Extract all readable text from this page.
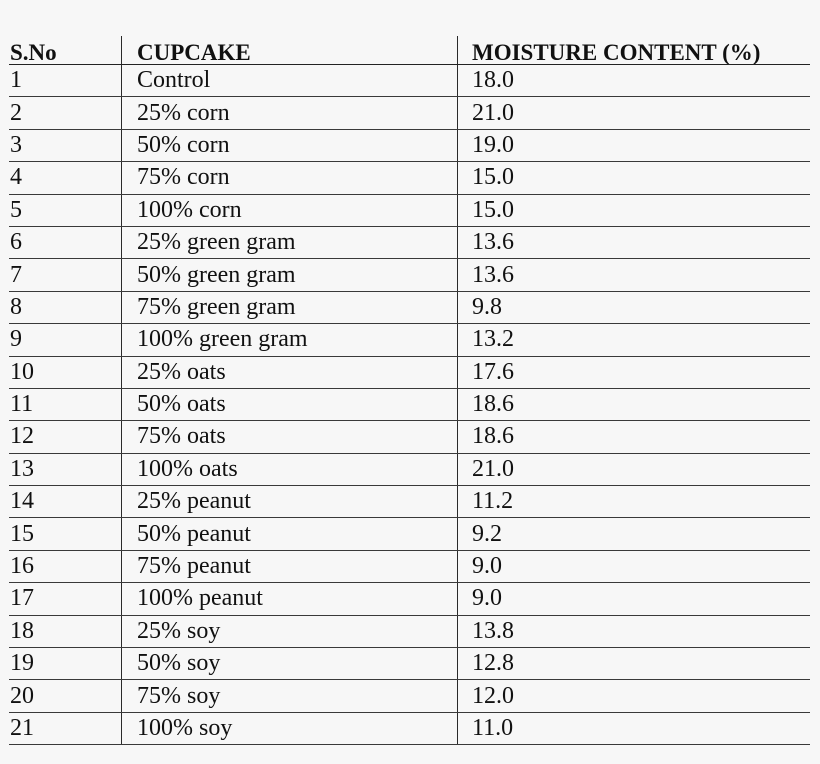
S.No	CUPCAKE	MOISTURE CONTENT (%)
1	Control	18.0
2	25% corn	21.0
3	50% corn	19.0
4	75% corn	15.0
5	100% corn	15.0
6	25% green gram	13.6
7	50% green gram	13.6
8	75% green gram	9.8
9	100% green gram	13.2
10	25% oats	17.6
11	50% oats	18.6
12	75% oats	18.6
13	100% oats	21.0
14	25% peanut	11.2
15	50% peanut	9.2
16	75% peanut	9.0
17	100% peanut	9.0
18	25% soy	13.8
19	50% soy	12.8
20	75% soy	12.0
21	100% soy	11.0
